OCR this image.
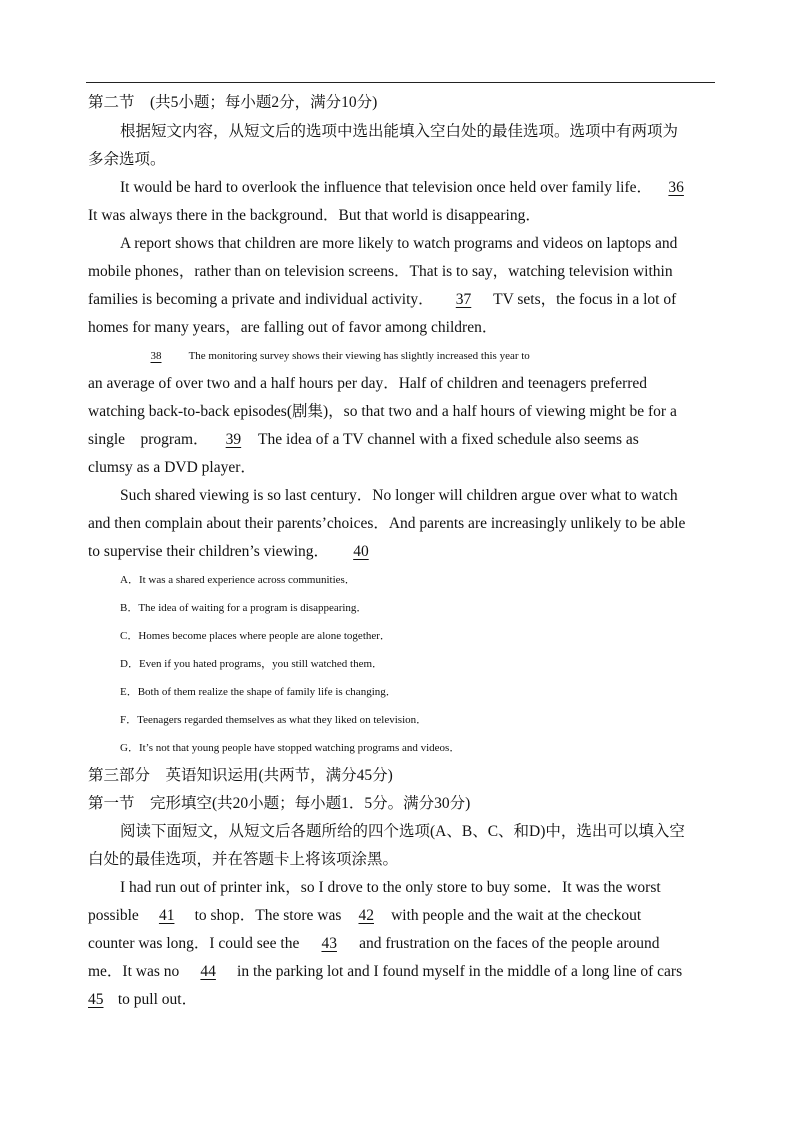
第二节　(共5小题；每小题2分，满分10分)
根据短文内容，从短文后的选项中选出能填入空白处的最佳选项。选项中有两项为
多余选项。
It would be hard to overlook the influence that television once held over family life． 36
It was always there in the background．But that world is disappearing．
A report shows that children are more likely to watch programs and videos on laptops and
mobile phones，rather than on television screens．That is to say，watching television within
families is becoming a private and individual activity． 37 TV sets，the focus in a lot of
homes for many years，are falling out of favor among children．
38 The monitoring survey shows their viewing has slightly increased this year to
an average of over two and a half hours per day．Half of children and teenagers preferred
watching back-to-back episodes(剧集)，so that two and a half hours of viewing might be for a
single　program． 39 The idea of a TV channel with a fixed schedule also seems as
clumsy as a DVD player．
Such shared viewing is so last century．No longer will children argue over what to watch
and then complain about their parents’choices．And parents are increasingly unlikely to be able
to supervise their children’s viewing． 40
A．It was a shared experience across communities．
B．The idea of waiting for a program is disappearing．
C．Homes become places where people are alone together．
D．Even if you hated programs，you still watched them．
E．Both of them realize the shape of family life is changing．
F．Teenagers regarded themselves as what they liked on television．
G．It’s not that young people have stopped watching programs and videos．
第三部分　英语知识运用(共两节，满分45分)
第一节　完形填空(共20小题；每小题1．5分。满分30分)
阅读下面短文，从短文后各题所给的四个选项(A、B、C、和D)中，选出可以填入空
白处的最佳选项，并在答题卡上将该项涂黑。
I had run out of printer ink，so I drove to the only store to buy some．It was the worst
possible 41 to shop．The store was 42 with people and the wait at the checkout
counter was long．I could see the 43 and frustration on the faces of the people around
me．It was no 44 in the parking lot and I found myself in the middle of a long line of cars
45 to pull out．
